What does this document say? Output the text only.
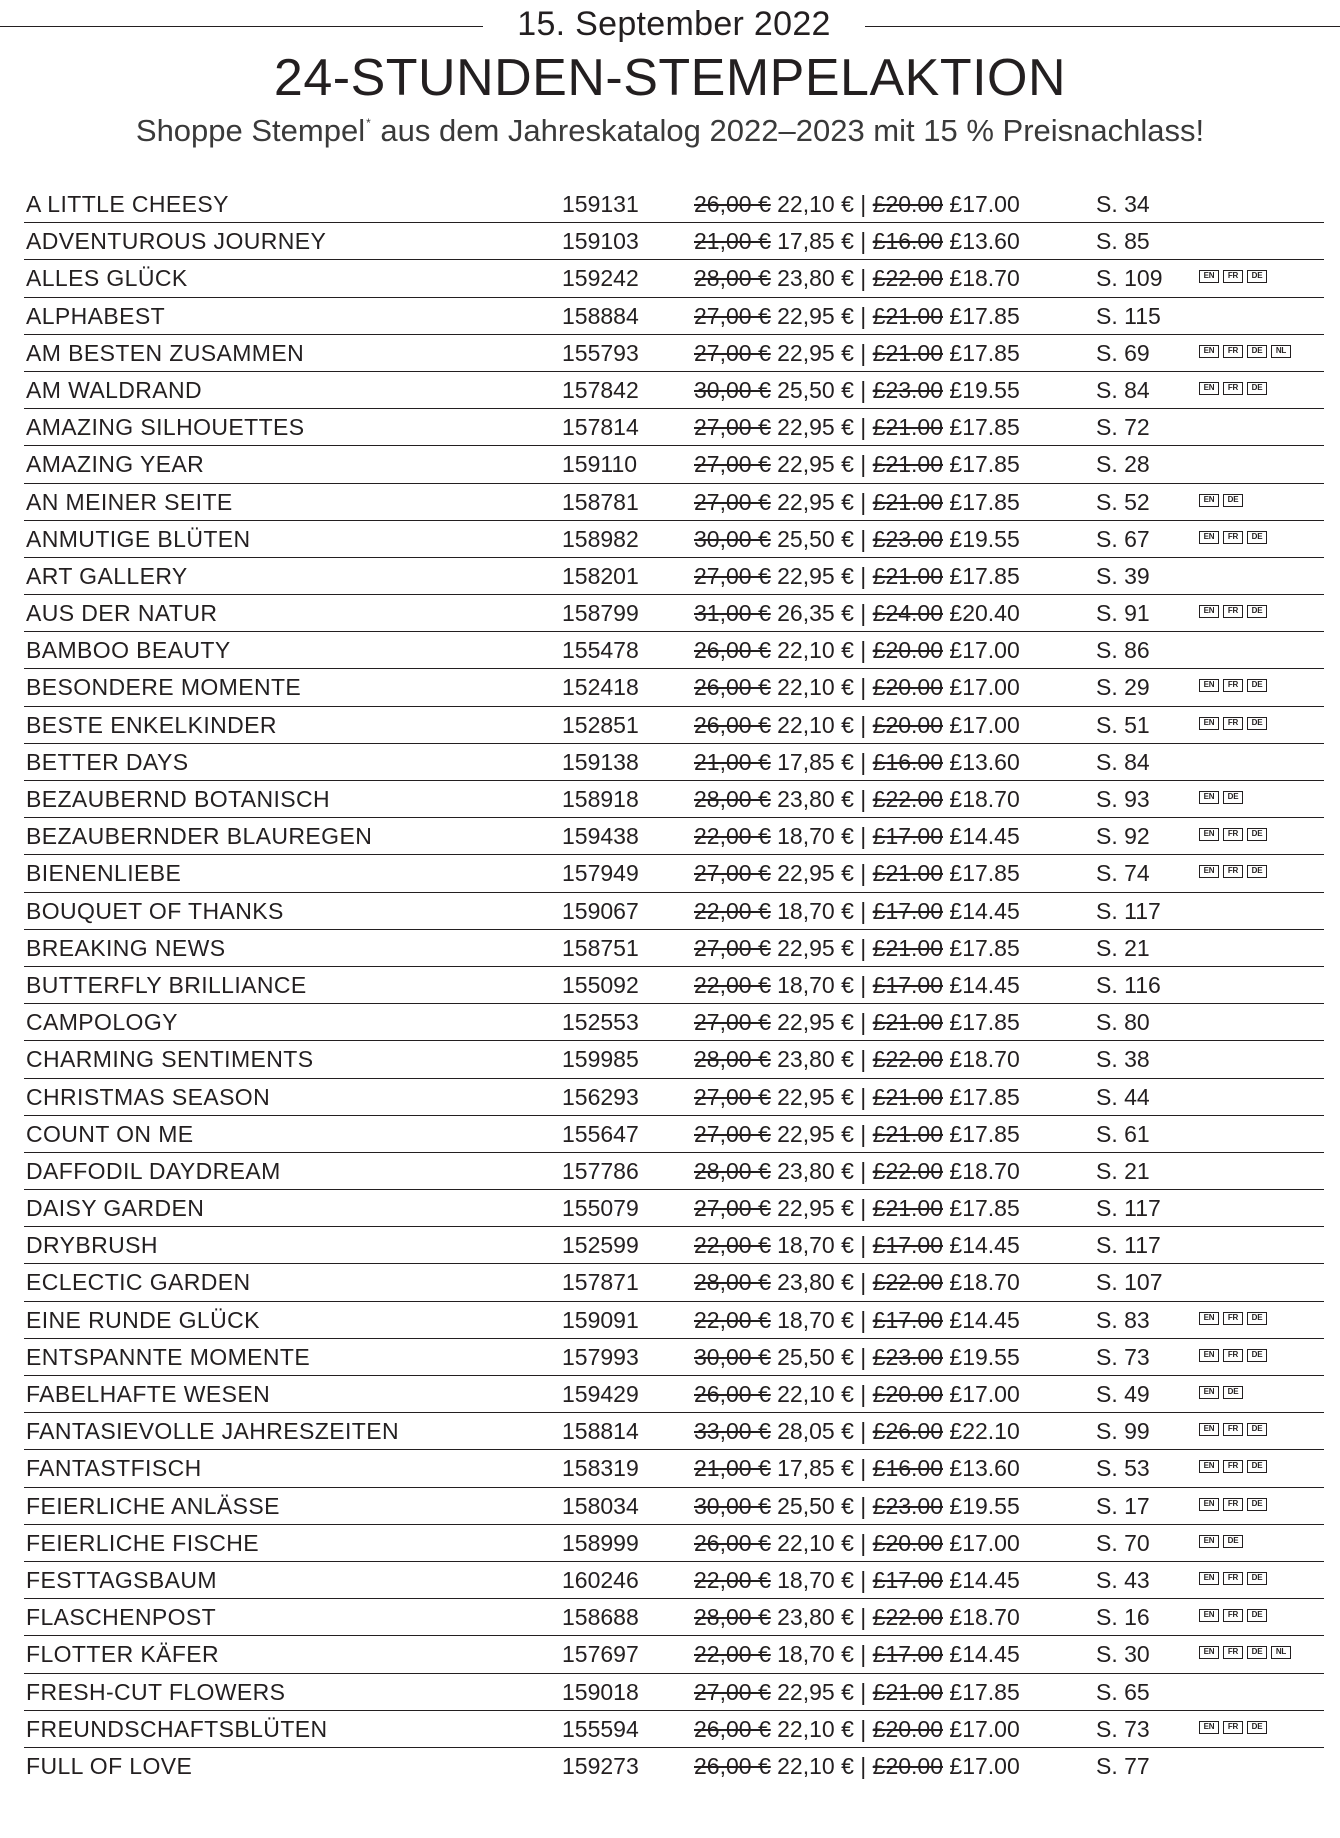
15. September 2022
24-STUNDEN-STEMPELAKTION
Shoppe Stempel* aus dem Jahreskatalog 2022–2023 mit 15 % Preisnachlass!
A LITTLE CHEESY	159131 26,00 € 22,10 € | £20.00 £17.00	S. 34
ADVENTUROUS JOURNEY	159103 21,00 € 17,85 € | £16.00 £13.60	S. 85
ALLES GLÜCK	159242 28,00 € 23,80 € | £22.00 £18.70	S. 109	EN FR DE
ALPHABEST	158884 27,00 € 22,95 € | £21.00 £17.85	S. 115
AM BESTEN ZUSAMMEN	155793 27,00 € 22,95 € | £21.00 £17.85	S. 69	EN FR DE NL
AM WALDRAND	157842 30,00 € 25,50 € | £23.00 £19.55	S. 84	EN FR DE
AMAZING SILHOUETTES	157814 27,00 € 22,95 € | £21.00 £17.85	S. 72
AMAZING YEAR	159110 27,00 € 22,95 € | £21.00 £17.85	S. 28
AN MEINER SEITE	158781 27,00 € 22,95 € | £21.00 £17.85	S. 52	EN DE
ANMUTIGE BLÜTEN	158982 30,00 € 25,50 € | £23.00 £19.55	S. 67	EN FR DE
ART GALLERY	158201 27,00 € 22,95 € | £21.00 £17.85	S. 39
AUS DER NATUR	158799 31,00 € 26,35 € | £24.00 £20.40	S. 91	EN FR DE
BAMBOO BEAUTY	155478 26,00 € 22,10 € | £20.00 £17.00	S. 86
BESONDERE MOMENTE	152418 26,00 € 22,10 € | £20.00 £17.00	S. 29	EN FR DE
BESTE ENKELKINDER	152851 26,00 € 22,10 € | £20.00 £17.00	S. 51	EN FR DE
BETTER DAYS	159138 21,00 € 17,85 € | £16.00 £13.60	S. 84
BEZAUBERND BOTANISCH	158918 28,00 € 23,80 € | £22.00 £18.70	S. 93	EN DE
BEZAUBERNDER BLAUREGEN	159438 22,00 € 18,70 € | £17.00 £14.45	S. 92	EN FR DE
BIENENLIEBE	157949 27,00 € 22,95 € | £21.00 £17.85	S. 74	EN FR DE
BOUQUET OF THANKS	159067 22,00 € 18,70 € | £17.00 £14.45	S. 117
BREAKING NEWS	158751 27,00 € 22,95 € | £21.00 £17.85	S. 21
BUTTERFLY BRILLIANCE	155092 22,00 € 18,70 € | £17.00 £14.45	S. 116
CAMPOLOGY	152553 27,00 € 22,95 € | £21.00 £17.85	S. 80
CHARMING SENTIMENTS	159985 28,00 € 23,80 € | £22.00 £18.70	S. 38
CHRISTMAS SEASON	156293 27,00 € 22,95 € | £21.00 £17.85	S. 44
COUNT ON ME	155647 27,00 € 22,95 € | £21.00 £17.85	S. 61
DAFFODIL DAYDREAM	157786 28,00 € 23,80 € | £22.00 £18.70	S. 21
DAISY GARDEN	155079 27,00 € 22,95 € | £21.00 £17.85	S. 117
DRYBRUSH	152599 22,00 € 18,70 € | £17.00 £14.45	S. 117
ECLECTIC GARDEN	157871 28,00 € 23,80 € | £22.00 £18.70	S. 107
EINE RUNDE GLÜCK	159091 22,00 € 18,70 € | £17.00 £14.45	S. 83	EN FR DE
ENTSPANNTE MOMENTE	157993 30,00 € 25,50 € | £23.00 £19.55	S. 73	EN FR DE
FABELHAFTE WESEN	159429 26,00 € 22,10 € | £20.00 £17.00	S. 49	EN DE
FANTASIEVOLLE JAHRESZEITEN	158814 33,00 € 28,05 € | £26.00 £22.10	S. 99	EN FR DE
FANTASTFISCH	158319 21,00 € 17,85 € | £16.00 £13.60	S. 53	EN FR DE
FEIERLICHE ANLÄSSE	158034 30,00 € 25,50 € | £23.00 £19.55	S. 17	EN FR DE
FEIERLICHE FISCHE	158999 26,00 € 22,10 € | £20.00 £17.00	S. 70	EN DE
FESTTAGSBAUM	160246 22,00 € 18,70 € | £17.00 £14.45	S. 43	EN FR DE
FLASCHENPOST	158688 28,00 € 23,80 € | £22.00 £18.70	S. 16	EN FR DE
FLOTTER KÄFER	157697 22,00 € 18,70 € | £17.00 £14.45	S. 30	EN FR DE NL
FRESH-CUT FLOWERS	159018 27,00 € 22,95 € | £21.00 £17.85	S. 65
FREUNDSCHAFTSBLÜTEN	155594 26,00 € 22,10 € | £20.00 £17.00	S. 73	EN FR DE
FULL OF LOVE	159273 26,00 € 22,10 € | £20.00 £17.00	S. 77
